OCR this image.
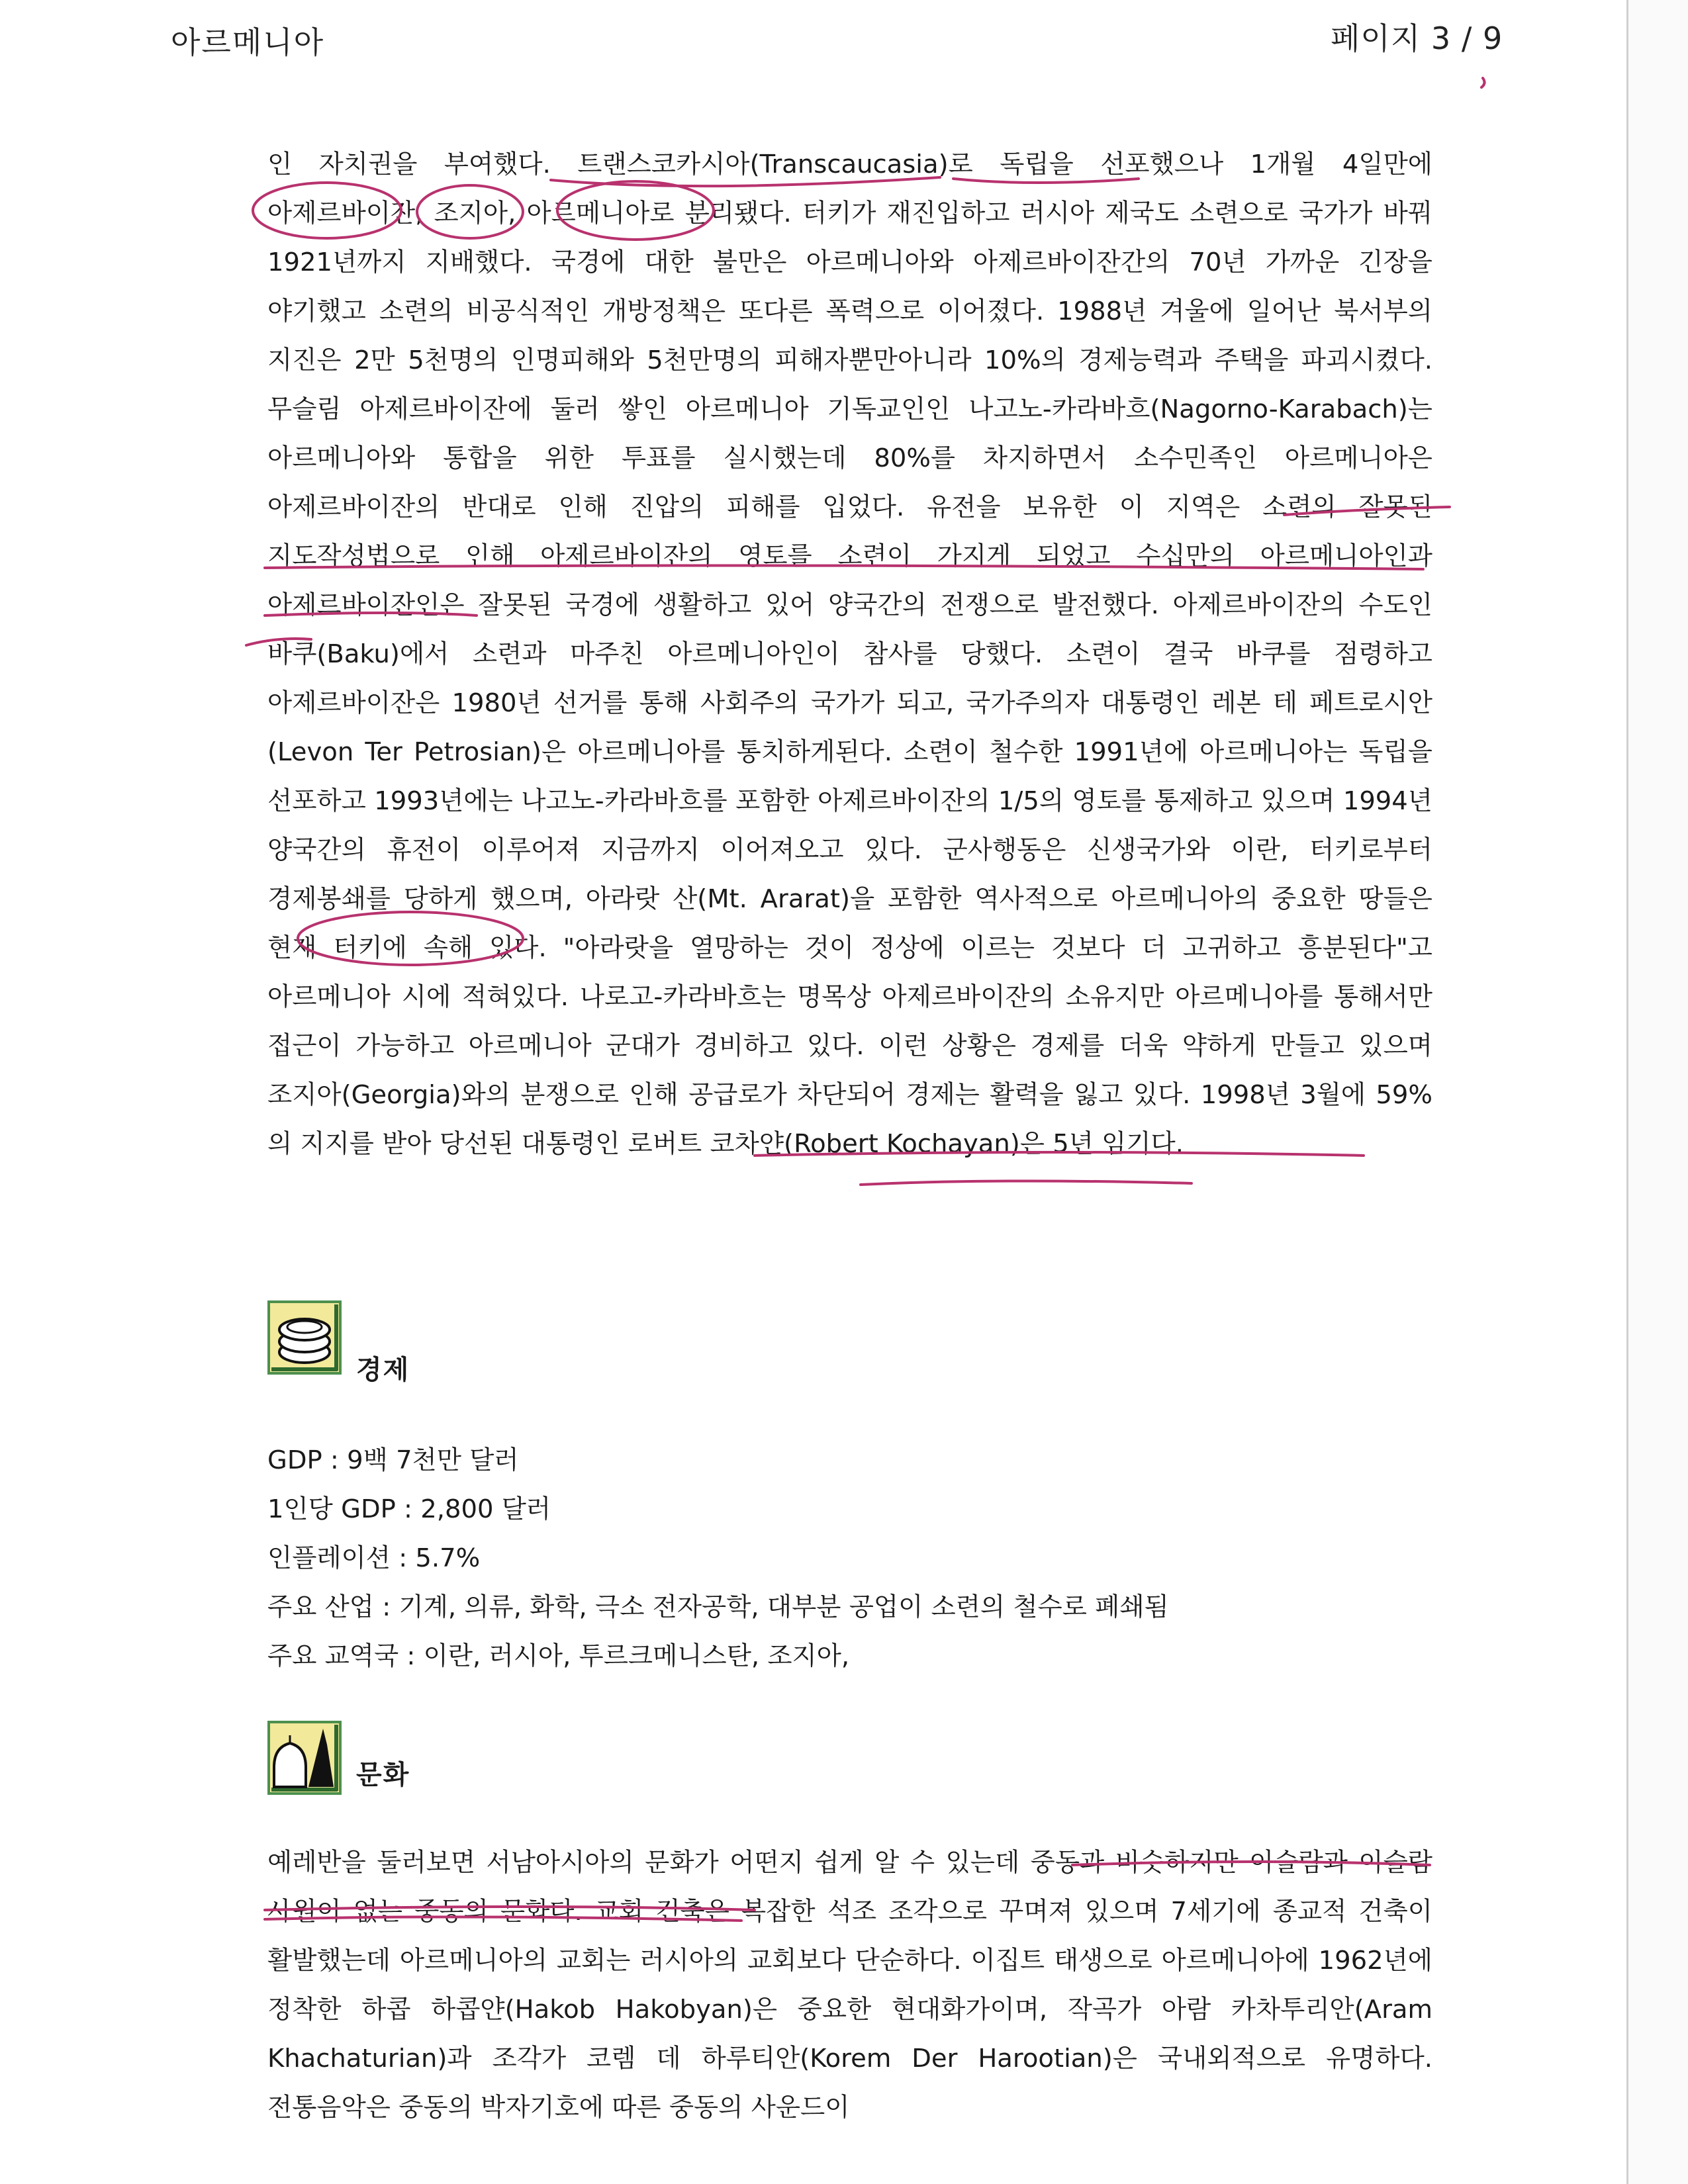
아르메니아	페이지 3 / 9

인 자치권을 부여했다. 트랜스코카시아(Transcaucasia)로 독립을 선포했으나 1개월 4일만에 아제르바이잔, 조지아, 아르메니아로 분리됐다. 터키가 재진입하고 러시아 제국도 소련으로 국가가 바꿔 1921년까지 지배했다. 국경에 대한 불만은 아르메니아와 아제르바이잔간의 70년 가까운 긴장을 야기했고 소련의 비공식적인 개방정책은 또다른 폭력으로 이어졌다. 1988년 겨울에 일어난 북서부의 지진은 2만 5천명의 인명피해와 5천만명의 피해자뿐만아니라 10%의 경제능력과 주택을 파괴시켰다. 무슬림 아제르바이잔에 둘러 쌓인 아르메니아 기독교인인 나고노-카라바흐(Nagorno-Karabach)는 아르메니아와 통합을 위한 투표를 실시했는데 80%를 차지하면서 소수민족인 아르메니아은 아제르바이잔의 반대로 인해 진압의 피해를 입었다. 유전을 보유한 이 지역은 소련의 잘못된 지도작성법으로 인해 아제르바이잔의 영토를 소련이 가지게 되었고 수십만의 아르메니아인과 아제르바이잔인은 잘못된 국경에 생활하고 있어 양국간의 전쟁으로 발전했다. 아제르바이잔의 수도인 바쿠(Baku)에서 소련과 마주친 아르메니아인이 참사를 당했다. 소련이 결국 바쿠를 점령하고 아제르바이잔은 1980년 선거를 통해 사회주의 국가가 되고, 국가주의자 대통령인 레본 테 페트로시안(Levon Ter Petrosian)은 아르메니아를 통치하게된다. 소련이 철수한 1991년에 아르메니아는 독립을 선포하고 1993년에는 나고노-카라바흐를 포함한 아제르바이잔의 1/5의 영토를 통제하고 있으며 1994년 양국간의 휴전이 이루어져 지금까지 이어져오고 있다. 군사행동은 신생국가와 이란, 터키로부터 경제봉쇄를 당하게 했으며, 아라랏 산(Mt. Ararat)을 포함한 역사적으로 아르메니아의 중요한 땅들은 현재 터키에 속해 있다. "아라랏을 열망하는 것이 정상에 이르는 것보다 더 고귀하고 흥분된다"고 아르메니아 시에 적혀있다. 나로고-카라바흐는 명목상 아제르바이잔의 소유지만 아르메니아를 통해서만 접근이 가능하고 아르메니아 군대가 경비하고 있다. 이런 상황은 경제를 더욱 약하게 만들고 있으며 조지아(Georgia)와의 분쟁으로 인해 공급로가 차단되어 경제는 활력을 잃고 있다. 1998년 3월에 59%의 지지를 받아 당선된 대통령인 로버트 코차얀(Robert Kochayan)은 5년 임기다.

경제
GDP : 9백 7천만 달러
1인당 GDP : 2,800 달러
인플레이션 : 5.7%
주요 산업 : 기계, 의류, 화학, 극소 전자공학, 대부분 공업이 소련의 철수로 폐쇄됨
주요 교역국 : 이란, 러시아, 투르크메니스탄, 조지아,
문화

예레반을 둘러보면 서남아시아의 문화가 어떤지 쉽게 알 수 있는데 중동과 비슷하지만 이슬람과 이슬람 사원이 없는 중동의 문화다. 교회 건축은 복잡한 석조 조각으로 꾸며져 있으며 7세기에 종교적 건축이 활발했는데 아르메니아의 교회는 러시아의 교회보다 단순하다. 이집트 태생으로 아르메니아에 1962년에 정착한 하콥 하콥얀(Hakob Hakobyan)은 중요한 현대화가이며, 작곡가 아람 카차투리안(Aram Khachaturian)과 조각가 코렘 데 하루티안(Korem Der Harootian)은 국내외적으로 유명하다. 전통음악은 중동의 박자기호에 따른 중동의 사운드이
